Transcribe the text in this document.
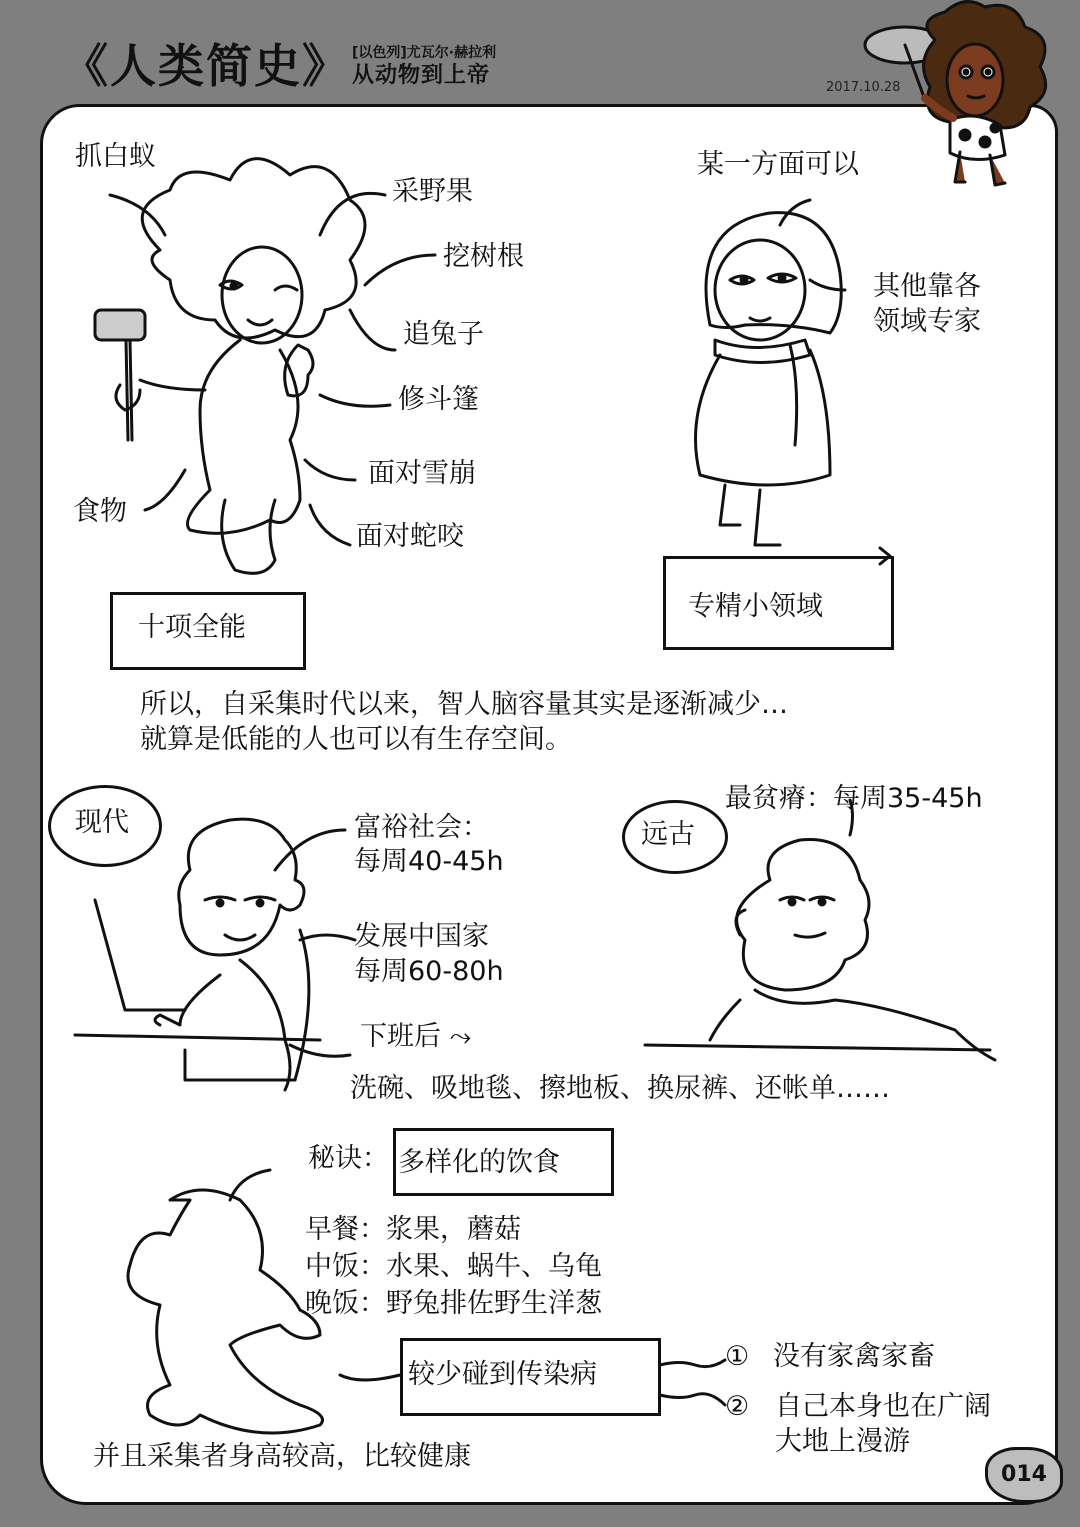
《人类简史》 [以色列]尤瓦尔·赫拉利
从动物到上帝	2017.10.28
抓白蚁
采野果
挖树根
追兔子
修斗篷
面对雪崩
面对蛇咬
食物
十项全能
某一方面可以
其他靠各
领域专家
专精小领域
所以，自采集时代以来，智人脑容量其实是逐渐减少…
就算是低能的人也可以有生存空间。
现代	富裕社会：
每周40-45h
发展中国家
每周60-80h
下班后 ⤳
洗碗、吸地毯、擦地板、换尿裤、还帐单……
远古
最贫瘠：每周35-45h
秘诀： 多样化的饮食
早餐：浆果，蘑菇
中饭：水果、蜗牛、乌龟
晚饭：野兔排佐野生洋葱
较少碰到传染病
① 没有家禽家畜
② 自己本身也在广阔
大地上漫游
并且采集者身高较高，比较健康
014
